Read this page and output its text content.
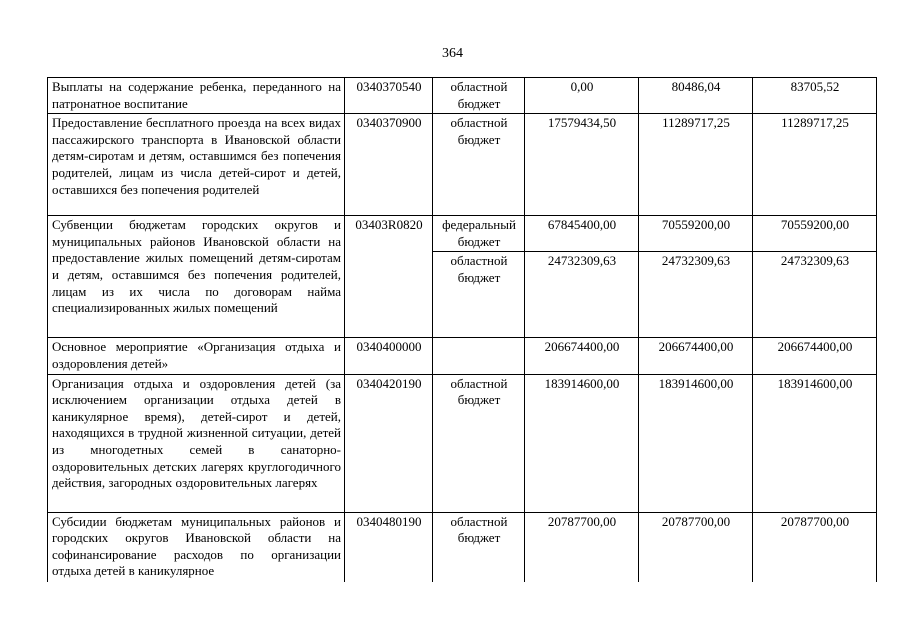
364
Выплаты на содержание ребенка, переданного на патронатное воспитание	0340370540	областной бюджет	0,00	80486,04	83705,52
Предоставление бесплатного проезда на всех видах пассажирского транспорта в Ивановской области детям-сиротам и детям, оставшимся без попечения родителей, лицам из числа детей-сирот и детей, оставшихся без попечения родителей	0340370900	областной бюджет	17579434,50	11289717,25	11289717,25
Субвенции бюджетам городских округов и муниципальных районов Ивановской области на предоставление жилых помещений детям-сиротам и детям, оставшимся без попечения родителей, лицам из их числа по договорам найма специализированных жилых помещений	03403R0820	федеральный бюджет	67845400,00	70559200,00	70559200,00
		областной бюджет	24732309,63	24732309,63	24732309,63
Основное мероприятие «Организация отдыха и оздоровления детей»	0340400000		206674400,00	206674400,00	206674400,00
Организация отдыха и оздоровления детей (за исключением организации отдыха детей в каникулярное время), детей-сирот и детей, находящихся в трудной жизненной ситуации, детей из многодетных семей в санаторно-оздоровительных детских лагерях круглогодичного действия, загородных оздоровительных лагерях	0340420190	областной бюджет	183914600,00	183914600,00	183914600,00
Субсидии бюджетам муниципальных районов и городских округов Ивановской области на софинансирование расходов по организации отдыха детей в каникулярное	0340480190	областной бюджет	20787700,00	20787700,00	20787700,00
